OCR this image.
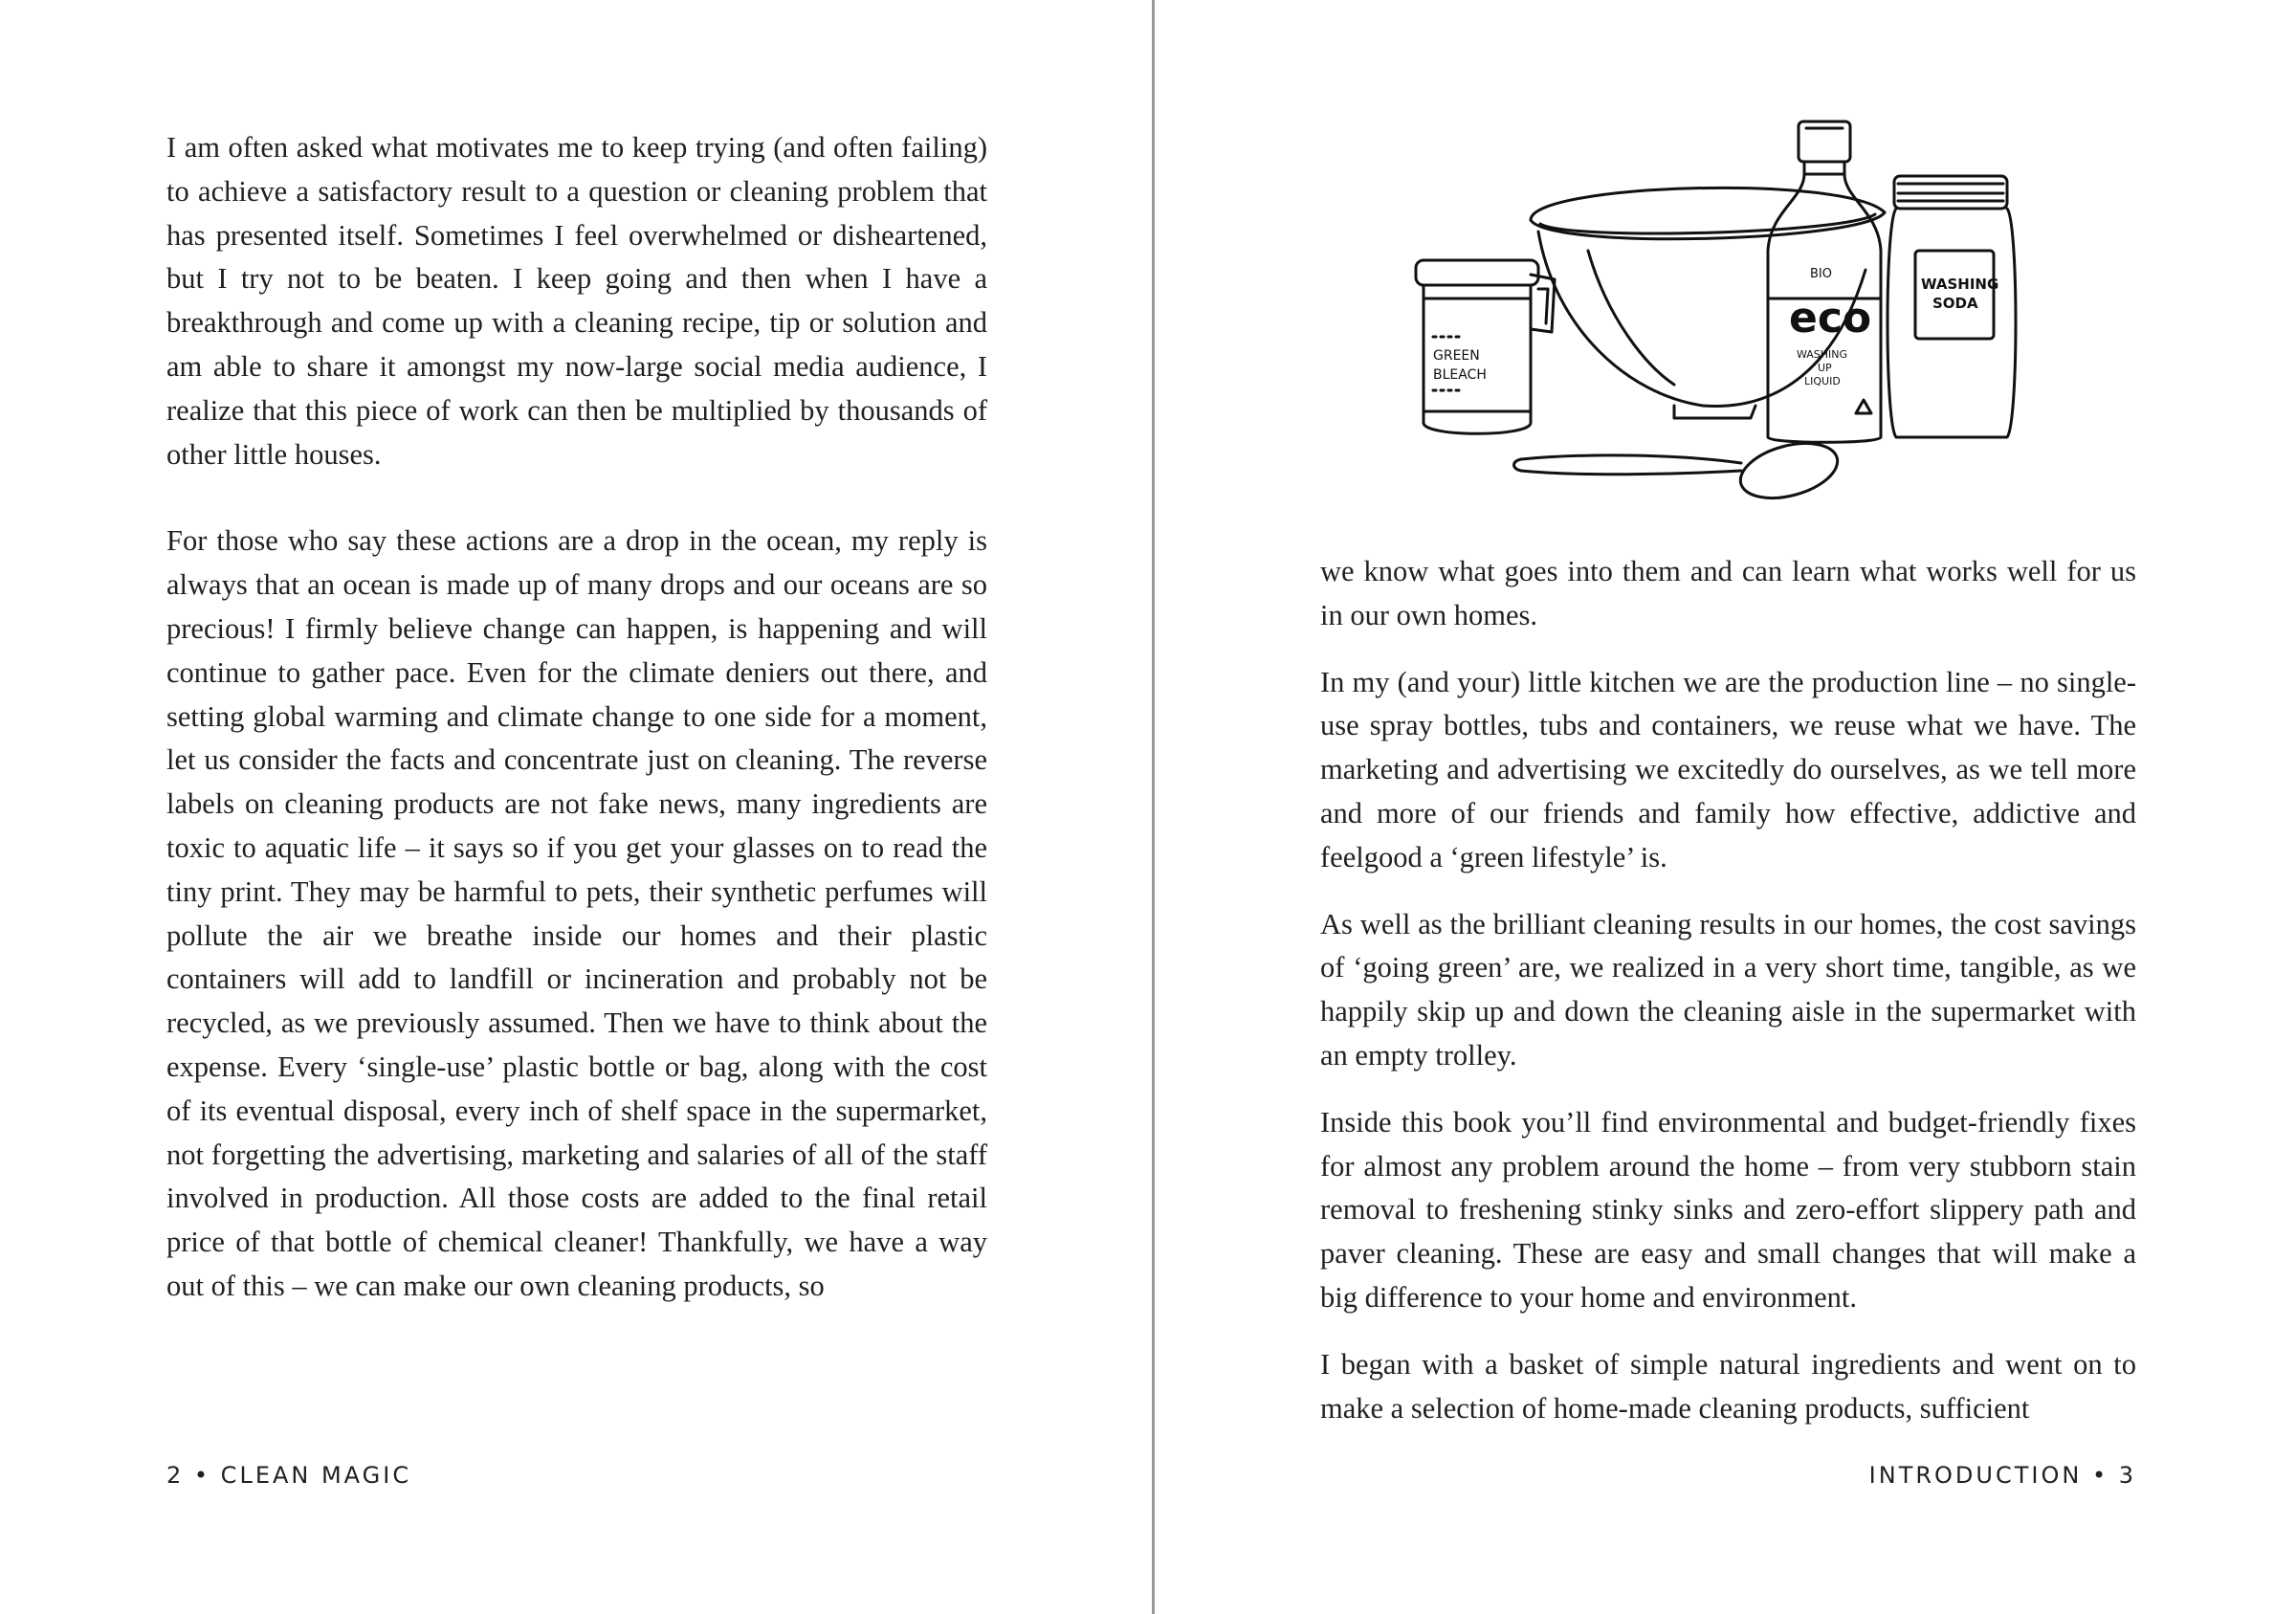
I am often asked what motivates me to keep trying (and often failing) to achieve a satisfactory result to a question or cleaning problem that has presented itself. Sometimes I feel overwhelmed or disheartened, but I try not to be beaten. I keep going and then when I have a breakthrough and come up with a cleaning recipe, tip or solution and am able to share it amongst my now-large social media audience, I realize that this piece of work can then be multiplied by thousands of other little houses.

For those who say these actions are a drop in the ocean, my reply is always that an ocean is made up of many drops and our oceans are so precious! I firmly believe change can happen, is happening and will continue to gather pace. Even for the climate deniers out there, and setting global warming and climate change to one side for a moment, let us consider the facts and concentrate just on cleaning. The reverse labels on cleaning products are not fake news, many ingredients are toxic to aquatic life – it says so if you get your glasses on to read the tiny print. They may be harmful to pets, their synthetic perfumes will pollute the air we breathe inside our homes and their plastic containers will add to landfill or incineration and probably not be recycled, as we previously assumed. Then we have to think about the expense. Every ‘single-use’ plastic bottle or bag, along with the cost of its eventual disposal, every inch of shelf space in the supermarket, not forgetting the advertising, marketing and salaries of all of the staff involved in production. All those costs are added to the final retail price of that bottle of chemical cleaner! Thankfully, we have a way out of this – we can make our own cleaning products, so

2 • CLEAN MAGIC
GREEN
BLEACH
BIO
eco
WASHING
UP
LIQUID
WASHING
SODA

we know what goes into them and can learn what works well for us in our own homes.

In my (and your) little kitchen we are the production line – no single-use spray bottles, tubs and containers, we reuse what we have. The marketing and advertising we excitedly do ourselves, as we tell more and more of our friends and family how effective, addictive and feelgood a ‘green lifestyle’ is.

As well as the brilliant cleaning results in our homes, the cost savings of ‘going green’ are, we realized in a very short time, tangible, as we happily skip up and down the cleaning aisle in the supermarket with an empty trolley.

Inside this book you’ll find environmental and budget-friendly fixes for almost any problem around the home – from very stubborn stain removal to freshening stinky sinks and zero-effort slippery path and paver cleaning. These are easy and small changes that will make a big difference to your home and environment.

I began with a basket of simple natural ingredients and went on to make a selection of home-made cleaning products, sufficient

INTRODUCTION • 3
